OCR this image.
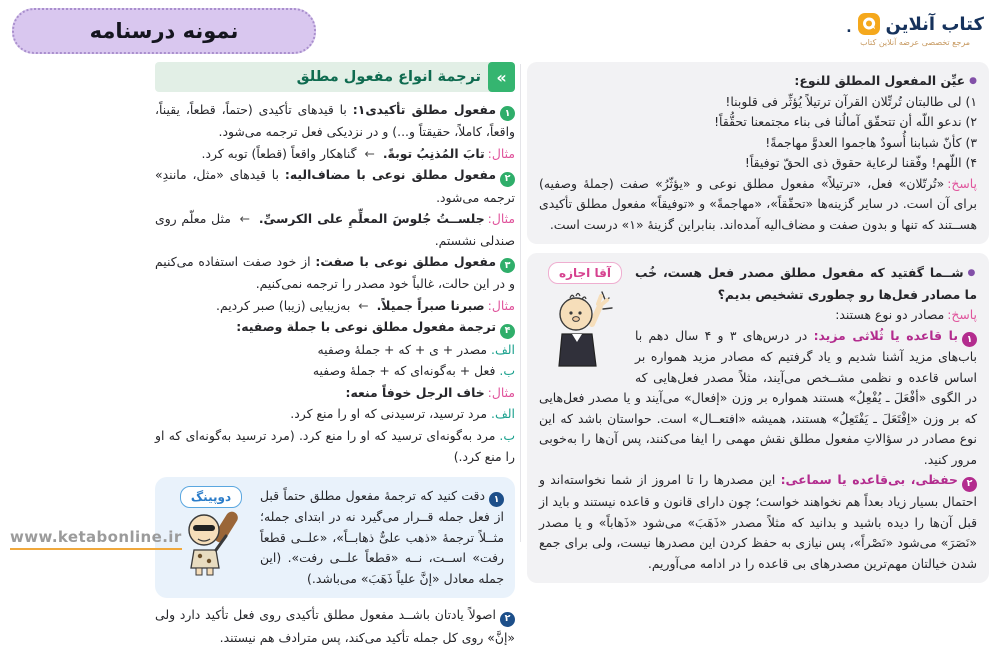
نمونه درسنامه	کتاب آنلاین
.
مرجع تخصصی عرضه آنلاین کتاب
«
ترجمة انواع مفعول مطلق

۱مفعول مطلق تأکیدی۱: با قیدهای تأکیدی (حتماً، قطعاً، یقیناً، واقعاً، کاملاً، حقیقتاً و...) و در نزدیکی فعل ترجمه می‌شود.

مثال:تابَ المُذنِبُ توبةً. ← گناهکار واقعاً (قطعاً) توبه کرد.

۲مفعول مطلق نوعی با مضاف‌الیه: با قیدهای «مثل، مانندِ» ترجمه می‌شود.

مثال:جلســتُ جُلوسَ المعلِّمِ علی الکرسیِّ. ← مثل معلّم روی صندلی نشستم.

۳مفعول مطلق نوعی با صفت: از خود صفت استفاده می‌کنیم و در این حالت، غالباً خود مصدر را ترجمه نمی‌کنیم.

مثال:صبرنا صبراً جمیلاً. ← به‌زیبایی (زیبا) صبر کردیم.

۴ترجمة مفعول مطلق نوعی با جملة وصفیه:

الف.مصدر + ی + که + جملهٔ وصفیه

ب.فعل + به‌گونه‌ای که + جملهٔ وصفیه

مثال:خاف الرجل خوفاً منعه:

الف.مرد ترسید، ترسیدنی که او را منع کرد.

ب.مرد به‌گونه‌ای ترسید که او را منع کرد. (مرد ترسید به‌گونه‌ای که او را منع کرد.)

دوپینگ	۱دقت کنید که ترجمهٔ مفعول مطلق حتماً قبل از فعل جمله قــرار می‌گیرد نه در ابتدای جمله؛ مثــلاً ترجمهٔ «ذهب علیٌّ ذهابــاً»، «علــی قطعاً رفت» اســت، نــه «قطعاً علــی رفت». (این جمله معادل «إنَّ علیاً ذَهَبَ» می‌باشد.)

۲اصولاً یادتان باشــد مفعول مطلق تأکیدی روی فعل تأکید دارد ولی «إنَّ» روی کل جمله تأکید می‌کند، پس مترادف هم نیستند.

●عیِّن المفعول المطلق للنوع:

۱) لی طالبتان تُرتِّلان القرآن ترتیلاً یُؤثِّر فی قلوبنا!

۲) ندعو اللّه أن تتحقّق آمالُنا فی بناء مجتمعنا تحقُّقاً!

۳) کأنّ شبابنا أُسودٌ هاجموا العدوَّ مهاجمةً!

۴) اللّهم! وفّقنا لرعایة حقوق ذی الحقّ توفیقاً!

پاسخ:«تُرتّلان» فعل، «ترتیلاً» مفعول مطلق نوعی و «یؤثّرُ» صفت (جملهٔ وصفیه) برای آن است. در سایر گزینه‌ها «تحقّقاً»، «مهاجمةً» و «توفیقاً» مفعول مطلق تأکیدی هســتند که تنها و بدون صفت و مضاف‌الیه آمده‌اند. بنابراین گزینهٔ «۱» درست است.

آقا اجازه	●شــما گفتید که مفعول مطلق مصدر فعل هست، خُب ما مصادر فعل‌ها رو چطوری تشخیص بدیم؟

پاسخ:مصادر دو نوع هستند:

۱با قاعده یا ثُلاثی مزید: در درس‌های ۳ و ۴ سال دهم با باب‌های مزید آشنا شدیم و یاد گرفتیم که مصادر مزید همواره بر اساس قاعده و نظمی مشــخص می‌آیند، مثلاً مصدر فعل‌هایی که در الگوی «أفْعَلَ ـ یُفْعِلُ» هستند همواره بر وزن «إفعال» می‌آیند و یا مصدر فعل‌هایی که بر وزن «اِفْتَعَلَ ـ یَفْتَعِلُ» هستند، همیشه «افتعــال» است. حواستان باشد که این نوع مصادر در سؤالاتِ مفعول مطلق نقش مهمی را ایفا می‌کنند، پس آن‌ها را به‌خوبی مرور کنید.

۲حفظی، بی‌قاعده یا سماعی: این مصدرها را تا امروز از شما نخواسته‌اند و احتمال بسیار زیاد بعداً هم نخواهند خواست؛ چون دارای قانون و قاعده نیستند و باید از قبل آن‌ها را دیده باشید و بدانید که مثلاً مصدر «ذَهَبَ» می‌شود «ذَهاباً» و یا مصدر «نَصَرَ» می‌شود «نَصْراً»، پس نیازی به حفظ کردن این مصدرها نیست، ولی برای جمع شدن خیالتان مهم‌ترین مصدرهای بی قاعده را در ادامه می‌آوریم.

www.ketabonline.ir
